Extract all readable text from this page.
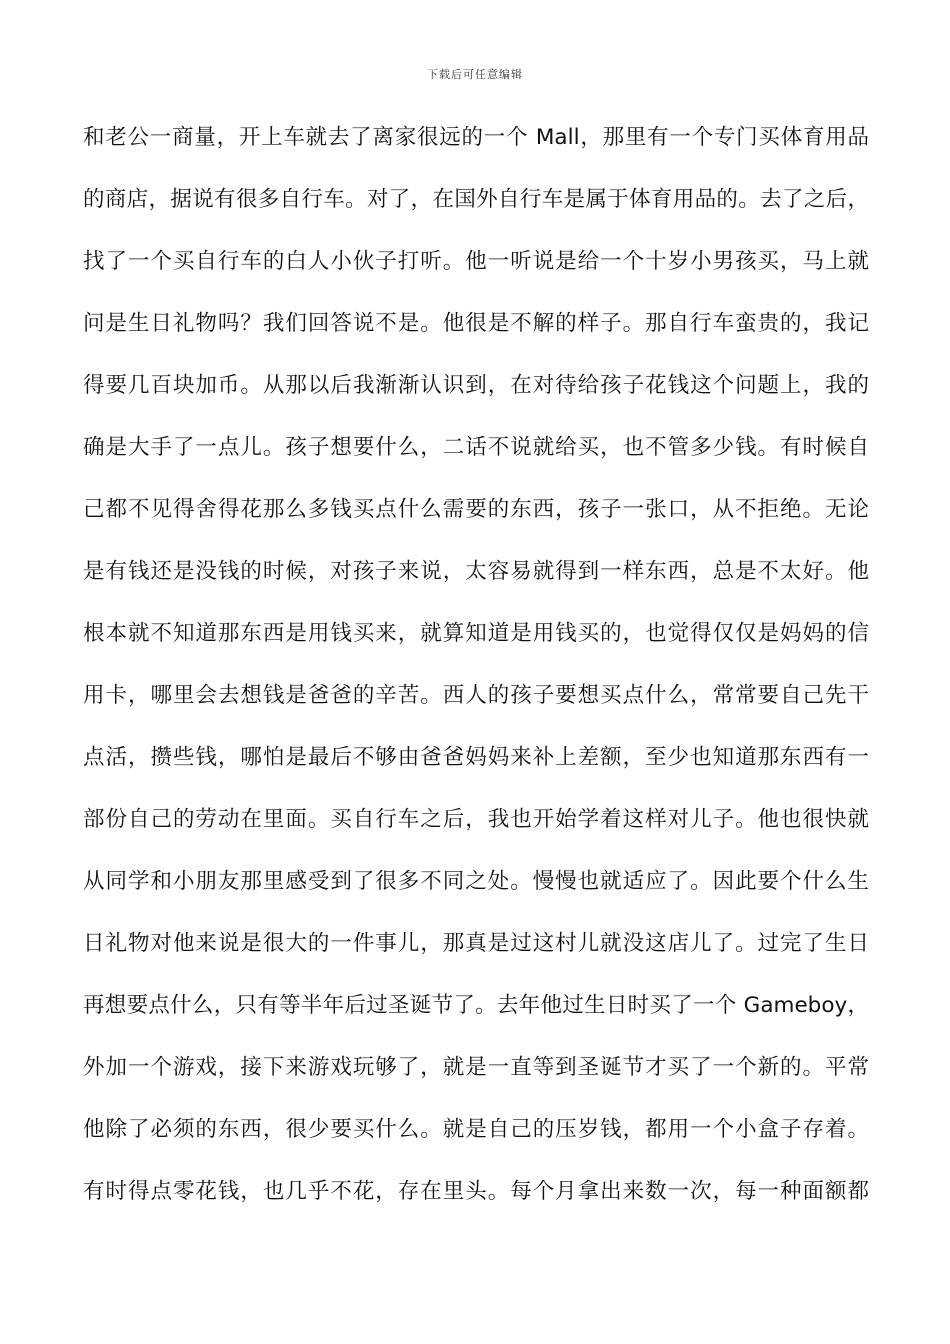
下载后可任意编辑
和老公一商量，开上车就去了离家很远的一个 Mall，那里有一个专门买体育用品
的商店，据说有很多自行车。对了，在国外自行车是属于体育用品的。去了之后，
找了一个买自行车的白人小伙子打听。他一听说是给一个十岁小男孩买，马上就
问是生日礼物吗？我们回答说不是。他很是不解的样子。那自行车蛮贵的，我记
得要几百块加币。从那以后我渐渐认识到，在对待给孩子花钱这个问题上，我的
确是大手了一点儿。孩子想要什么，二话不说就给买，也不管多少钱。有时候自
己都不见得舍得花那么多钱买点什么需要的东西，孩子一张口，从不拒绝。无论
是有钱还是没钱的时候，对孩子来说，太容易就得到一样东西，总是不太好。他
根本就不知道那东西是用钱买来，就算知道是用钱买的，也觉得仅仅是妈妈的信
用卡，哪里会去想钱是爸爸的辛苦。西人的孩子要想买点什么，常常要自己先干
点活，攒些钱，哪怕是最后不够由爸爸妈妈来补上差额，至少也知道那东西有一
部份自己的劳动在里面。买自行车之后，我也开始学着这样对儿子。他也很快就
从同学和小朋友那里感受到了很多不同之处。慢慢也就适应了。因此要个什么生
日礼物对他来说是很大的一件事儿，那真是过这村儿就没这店儿了。过完了生日
再想要点什么，只有等半年后过圣诞节了。去年他过生日时买了一个 Gameboy，
外加一个游戏，接下来游戏玩够了，就是一直等到圣诞节才买了一个新的。平常
他除了必须的东西，很少要买什么。就是自己的压岁钱，都用一个小盒子存着。
有时得点零花钱，也几乎不花，存在里头。每个月拿出来数一次，每一种面额都
